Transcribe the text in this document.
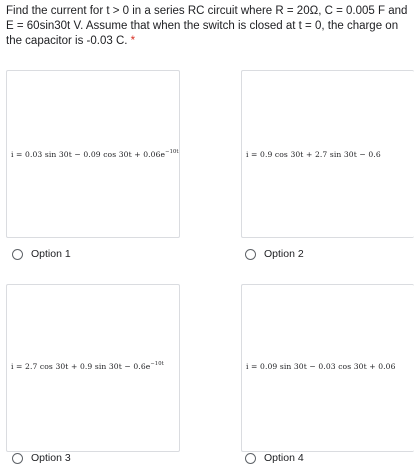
Find the current for t > 0 in a series RC circuit where R = 20Ω, C = 0.005 F and E = 60sin30t V. Assume that when the switch is closed at t = 0, the charge on the capacitor is -0.03 C. *
i = 0.03 sin 30t − 0.09 $\cos 30t + 0.06e^{-10t}$	i = 0.9 cos 30t + 2.7 sin 30t − 0.6
i = 2.7 cos 30t + 0.9 $\sin 30t - 0.6e^{-10t}$	i = 0.09 sin 30t − 0.03 cos 30t + 0.06
Option 1	Option 2
Option 3	Option 4
